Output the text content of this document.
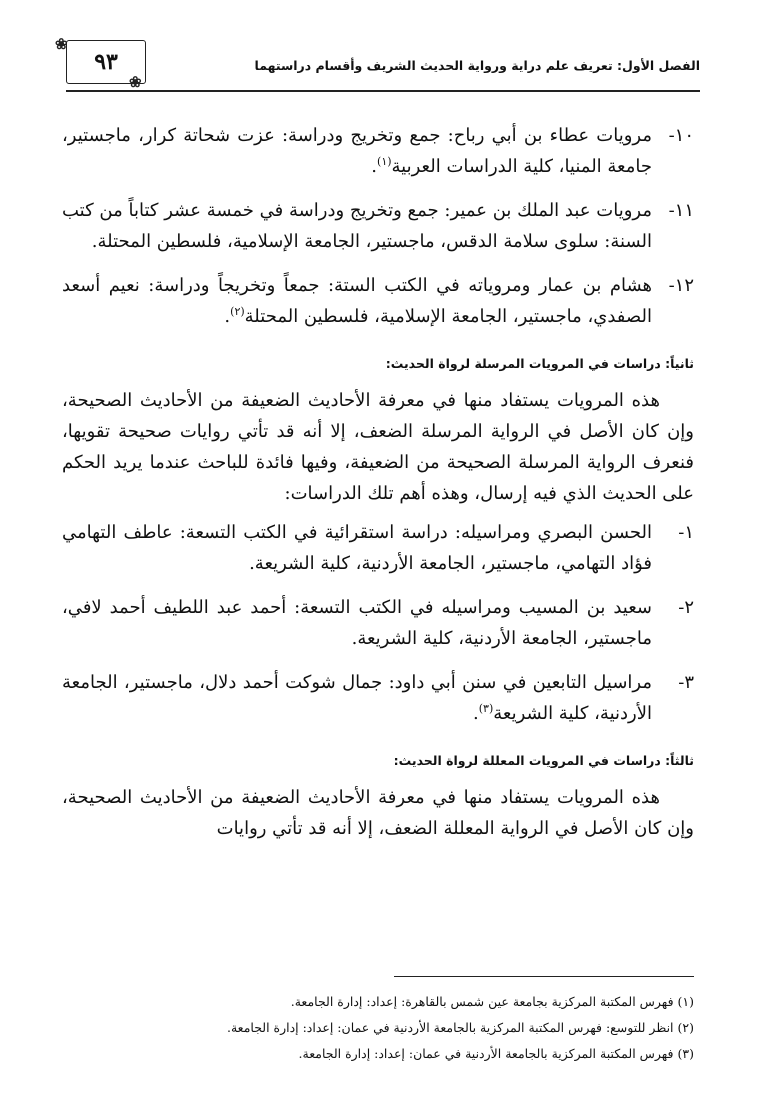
الفصل الأول: تعريف علم دراية ورواية الحديث الشريف وأقسام دراستهما
❀
٩٣
❀
١٠-
مرويات عطاء بن أبي رباح: جمع وتخريج ودراسة: عزت شحاتة كرار، ماجستير، جامعة المنيا، كلية الدراسات العربية$^{(١)}$.
١١-
مرويات عبد الملك بن عمير: جمع وتخريج ودراسة في خمسة عشر كتاباً من كتب السنة: سلوى سلامة الدقس، ماجستير، الجامعة الإسلامية، فلسطين المحتلة.
١٢-
هشام بن عمار ومروياته في الكتب الستة: جمعاً وتخريجاً ودراسة: نعيم أسعد الصفدي، ماجستير، الجامعة الإسلامية، فلسطين المحتلة$^{(٢)}$.
ثانياً: دراسات في المرويات المرسلة لرواة الحديث:

هذه المرويات يستفاد منها في معرفة الأحاديث الضعيفة من الأحاديث الصحيحة، وإن كان الأصل في الرواية المرسلة الضعف، إلا أنه قد تأتي روايات صحيحة تقويها، فنعرف الرواية المرسلة الصحيحة من الضعيفة، وفيها فائدة للباحث عندما يريد الحكم على الحديث الذي فيه إرسال، وهذه أهم تلك الدراسات:

١-
الحسن البصري ومراسيله: دراسة استقرائية في الكتب التسعة: عاطف التهامي فؤاد التهامي، ماجستير، الجامعة الأردنية، كلية الشريعة.
٢-
سعيد بن المسيب ومراسيله في الكتب التسعة: أحمد عبد اللطيف أحمد لافي، ماجستير، الجامعة الأردنية، كلية الشريعة.
٣-
مراسيل التابعين في سنن أبي داود: جمال شوكت أحمد دلال، ماجستير، الجامعة الأردنية، كلية الشريعة$^{(٣)}$.
ثالثاً: دراسات في المرويات المعللة لرواة الحديث:

هذه المرويات يستفاد منها في معرفة الأحاديث الضعيفة من الأحاديث الصحيحة، وإن كان الأصل في الرواية المعللة الضعف، إلا أنه قد تأتي روايات

(١) فهرس المكتبة المركزية بجامعة عين شمس بالقاهرة: إعداد: إدارة الجامعة.
(٢) انظر للتوسع: فهرس المكتبة المركزية بالجامعة الأردنية في عمان: إعداد: إدارة الجامعة.
(٣) فهرس المكتبة المركزية بالجامعة الأردنية في عمان: إعداد: إدارة الجامعة.
